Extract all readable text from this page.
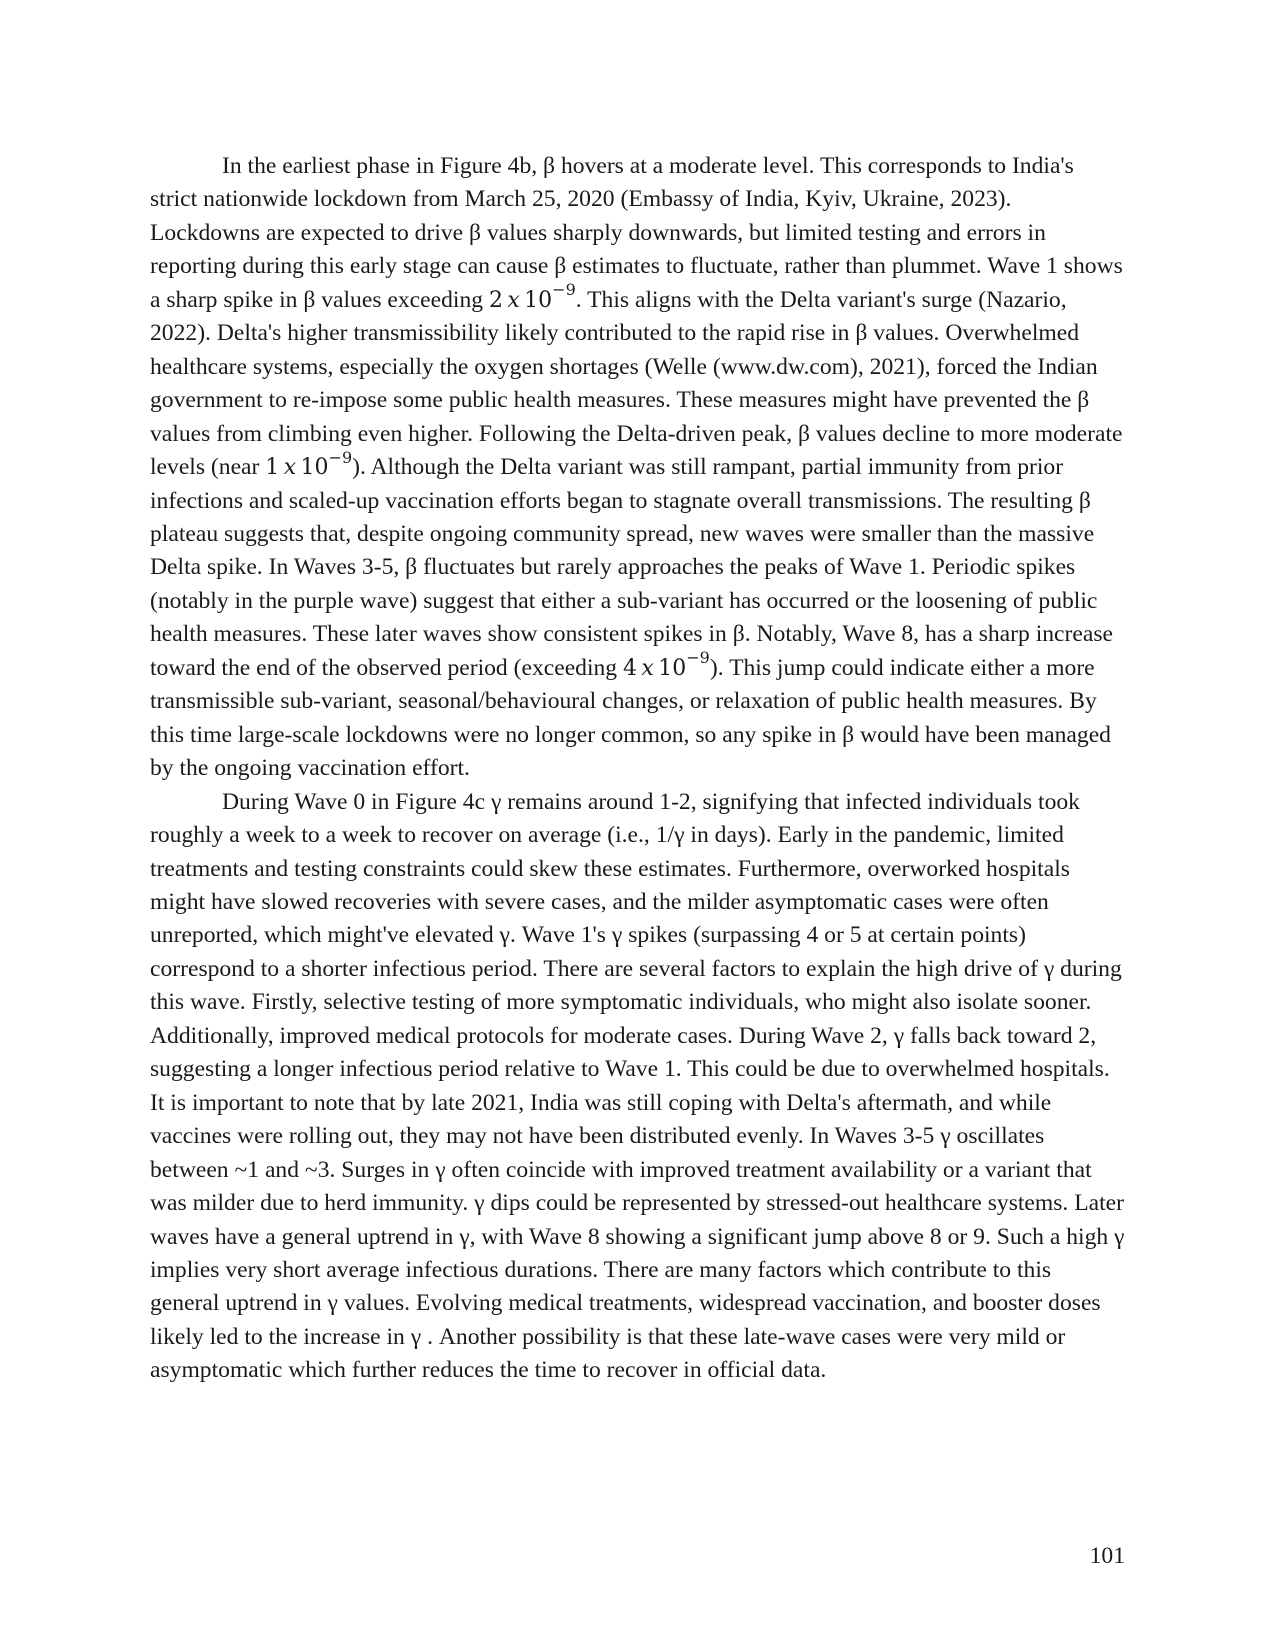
In the earliest phase in Figure 4b, β hovers at a moderate level. This corresponds to India's strict nationwide lockdown from March 25, 2020 (Embassy of India, Kyiv, Ukraine, 2023). Lockdowns are expected to drive β values sharply downwards, but limited testing and errors in reporting during this early stage can cause β estimates to fluctuate, rather than plummet. Wave 1 shows a sharp spike in β values exceeding 2  x  $10^{-9}$. This aligns with the Delta variant's surge (Nazario, 2022). Delta's higher transmissibility likely contributed to the rapid rise in β values. Overwhelmed healthcare systems, especially the oxygen shortages (Welle (www.dw.com), 2021), forced the Indian government to re-impose some public health measures. These measures might have prevented the β values from climbing even higher. Following the Delta-driven peak, β values decline to more moderate levels (near 1  x  $10^{-9}$). Although the Delta variant was still rampant, partial immunity from prior infections and scaled-up vaccination efforts began to stagnate overall transmissions. The resulting β plateau suggests that, despite ongoing community spread, new waves were smaller than the massive Delta spike. In Waves 3-5, β fluctuates but rarely approaches the peaks of Wave 1. Periodic spikes (notably in the purple wave) suggest that either a sub-variant has occurred or the loosening of public health measures. These later waves show consistent spikes in β. Notably, Wave 8, has a sharp increase toward the end of the observed period (exceeding 4  x  $10^{-9}$). This jump could indicate either a more transmissible sub-variant, seasonal/behavioural changes, or relaxation of public health measures. By this time large-scale lockdowns were no longer common, so any spike in β would have been managed by the ongoing vaccination effort.

During Wave 0 in Figure 4c γ remains around 1-2, signifying that infected individuals took roughly a week to a week to recover on average (i.e., 1/γ in days). Early in the pandemic, limited treatments and testing constraints could skew these estimates. Furthermore, overworked hospitals might have slowed recoveries with severe cases, and the milder asymptomatic cases were often unreported, which might've elevated γ. Wave 1's γ spikes (surpassing 4 or 5 at certain points) correspond to a shorter infectious period. There are several factors to explain the high drive of γ during this wave. Firstly, selective testing of more symptomatic individuals, who might also isolate sooner. Additionally, improved medical protocols for moderate cases. During Wave 2, γ falls back toward 2, suggesting a longer infectious period relative to Wave 1. This could be due to overwhelmed hospitals. It is important to note that by late 2021, India was still coping with Delta's aftermath, and while vaccines were rolling out, they may not have been distributed evenly. In Waves 3-5 γ oscillates between ~1 and ~3. Surges in γ often coincide with improved treatment availability or a variant that was milder due to herd immunity. γ dips could be represented by stressed-out healthcare systems. Later waves have a general uptrend in γ, with Wave 8 showing a significant jump above 8 or 9. Such a high γ implies very short average infectious durations. There are many factors which contribute to this general uptrend in γ values. Evolving medical treatments, widespread vaccination, and booster doses likely led to the increase in γ . Another possibility is that these late-wave cases were very mild or asymptomatic which further reduces the time to recover in official data.

101
